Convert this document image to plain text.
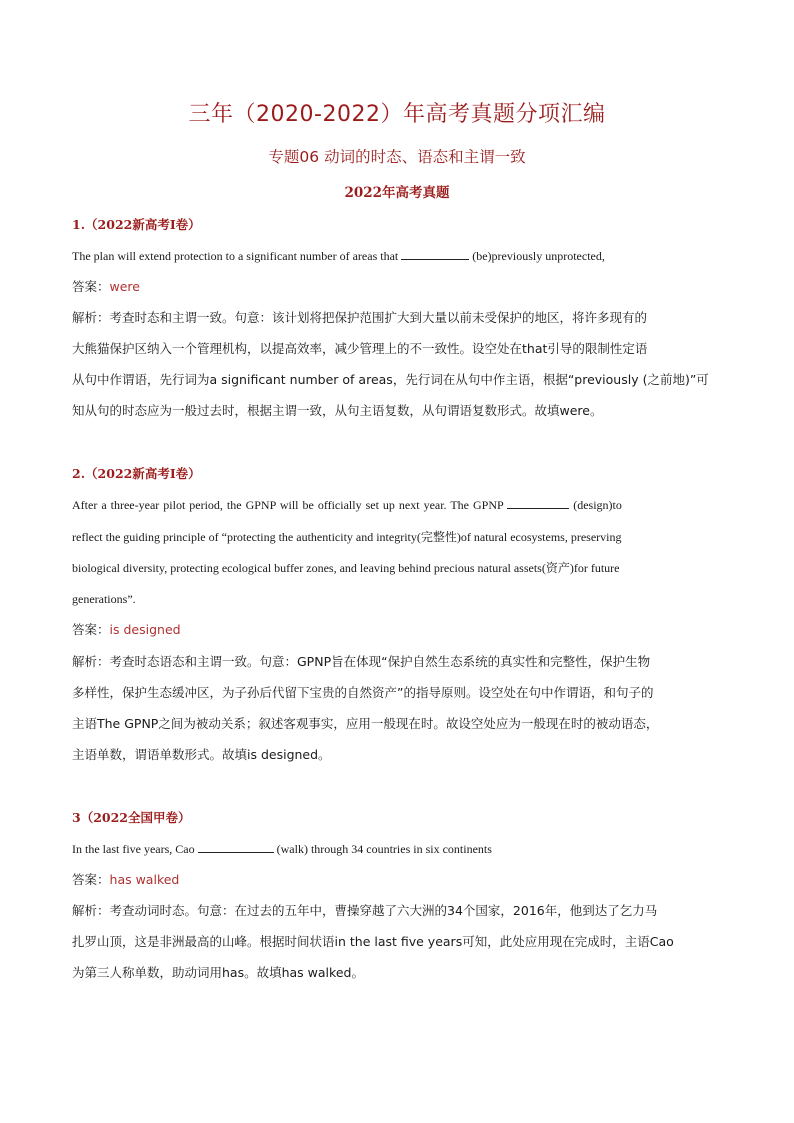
三年（2020-2022）年高考真题分项汇编
专题06 动词的时态、语态和主谓一致
2022年高考真题
1.（2022新高考I卷）
The plan will extend protection to a significant number of areas that	(be)previously unprotected,
答案：were
解析：考查时态和主谓一致。句意：该计划将把保护范围扩大到大量以前未受保护的地区，将许多现有的
大熊猫保护区纳入一个管理机构，以提高效率，减少管理上的不一致性。设空处在that引导的限制性定语
从句中作谓语，先行词为a significant number of areas，先行词在从句中作主语，根据“previously (之前地)”可
知从句的时态应为一般过去时，根据主谓一致，从句主语复数，从句谓语复数形式。故填were。
2.（2022新高考I卷）
After a three-year pilot period, the GPNP will be officially set up next year. The GPNP	(design)to
reflect the guiding principle of “protecting the authenticity and integrity(完整性)of natural ecosystems, preserving
biological diversity, protecting ecological buffer zones, and leaving behind precious natural assets(资产)for future
generations”.
答案：is designed
解析：考查时态语态和主谓一致。句意：GPNP旨在体现“保护自然生态系统的真实性和完整性，保护生物
多样性，保护生态缓冲区，为子孙后代留下宝贵的自然资产”的指导原则。设空处在句中作谓语，和句子的
主语The GPNP之间为被动关系；叙述客观事实，应用一般现在时。故设空处应为一般现在时的被动语态，
主语单数，谓语单数形式。故填is designed。
3（2022全国甲卷）
In the last five years, Cao	(walk) through 34 countries in six continents
答案：has walked
解析：考查动词时态。句意：在过去的五年中，曹操穿越了六大洲的34个国家，2016年，他到达了乞力马
扎罗山顶，这是非洲最高的山峰。根据时间状语in the last five years可知，此处应用现在完成时，主语Cao
为第三人称单数，助动词用has。故填has walked。
